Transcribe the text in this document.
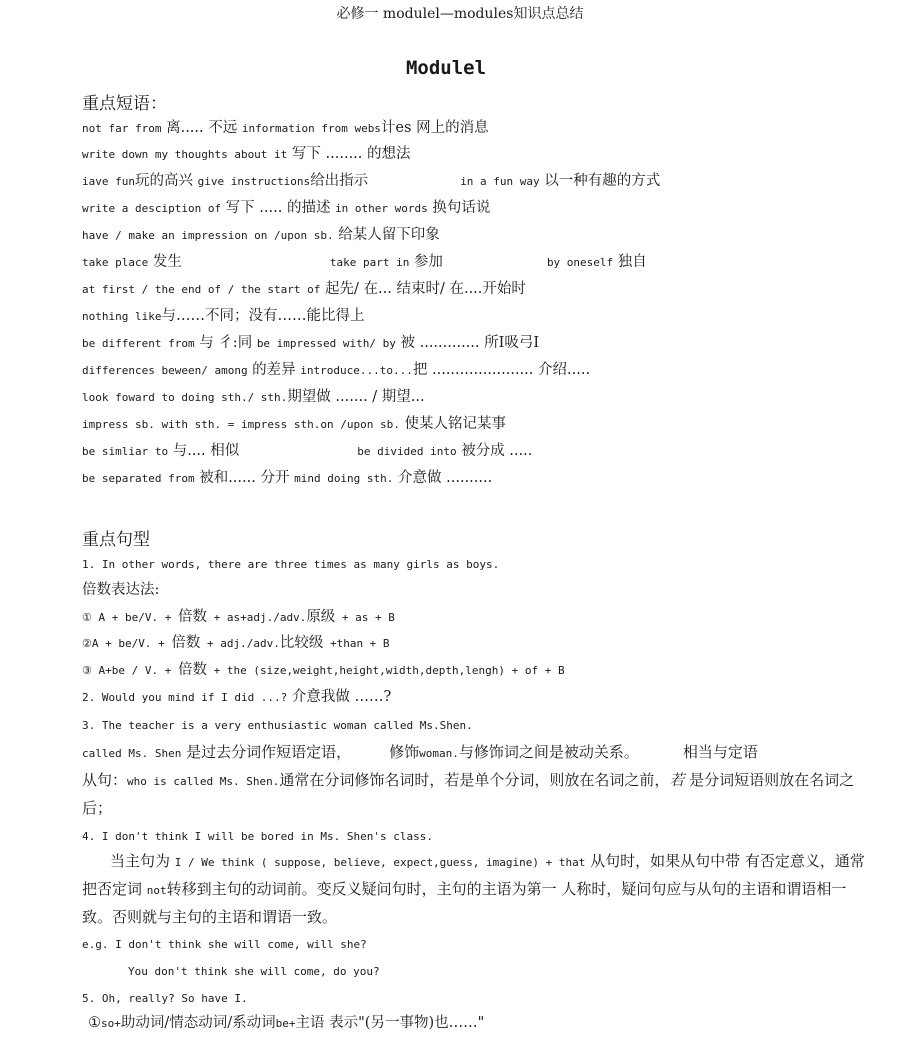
必修一 modulel—modules知识点总结
Modulel
重点短语：
not far from 离..... 不远 information from webs计es 网上的消息
write down my thoughts about it 写下 ........ 的想法
iave fun玩的高兴 give instructions给出指示	in a fun way 以一种有趣的方式
write a desciption of 写下 ..... 的描述 in other words 换句话说
have / make an impression on /upon sb. 给某人留下印象
take place 发生	take part in 参加	by oneself 独自
at first / the end of / the start of 起先/ 在... 结束时/ 在....开始时
nothing like与……不同；没有……能比得上
be different from 与 彳:同 be impressed with/ by 被 ............. 所Ⅰ吸弓Ⅰ
differences beween/ among 的差异 introduce...to...把 ...................... 介绍.....
look foward to doing sth./ sth.期望做 ....... / 期望...
impress sb. with sth. = impress sth.on /upon sb. 使某人铭记某事
be simliar to 与.... 相似	be divided into 被分成 .....
be separated from 被和...... 分开 mind doing sth. 介意做 ..........
重点句型
1. In other words, there are three times as many girls as boys.
倍数表达法:
① A + be/V. + 倍数 + as+adj./adv.原级 + as + B
②A + be/V. + 倍数 + adj./adv.比较级 +than + B
③ A+be / V. + 倍数 + the (size,weight,height,width,depth,lengh) + of + B
2. Would you mind if I did ...? 介意我做 ……?
3. The teacher is a very enthusiastic woman called Ms.Shen.
called Ms. Shen 是过去分词作短语定语，	修饰woman.与修饰词之间是被动关系。	相当与定语
从句：who is called Ms. Shen.通常在分词修饰名词时，若是单个分词，则放在名词之前，若 是分词短语则放在名词之后；
4. I don't think I will be bored in Ms. Shen's class.
当主句为 I / We think ( suppose, believe, expect,guess, imagine) + that 从句时，如果从句中带 有否定意义，通常把否定词 not转移到主句的动词前。变反义疑问句时，主句的主语为第一 人称时，疑问句应与从句的主语和谓语相一致。否则就与主句的主语和谓语一致。
e.g. I don't think she will come, will she?
You don't think she will come, do you?
5. Oh, really? So have I.
①so+助动词/情态动词/系动词be+主语 表示"(另一事物)也……"
